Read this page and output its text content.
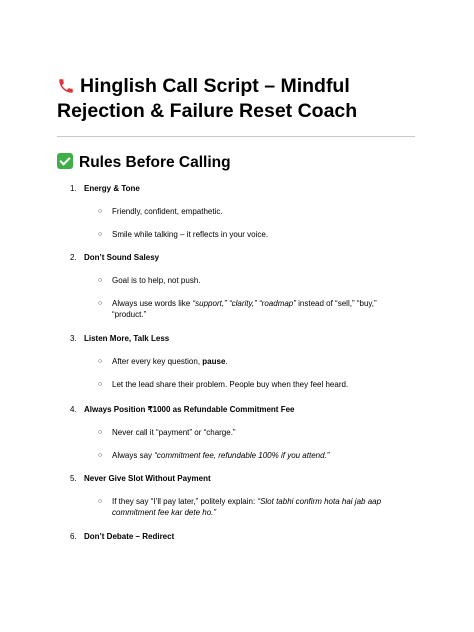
Hinglish Call Script – Mindful Rejection & Failure Reset Coach
Rules Before Calling
1. Energy & Tone
○ Friendly, confident, empathetic.
○ Smile while talking – it reflects in your voice.
2. Don’t Sound Salesy
○ Goal is to help, not push.
○ Always use words like “support,” “clarity,” “roadmap” instead of “sell,” “buy,” “product.”
3. Listen More, Talk Less
○ After every key question, pause.
○ Let the lead share their problem. People buy when they feel heard.
4. Always Position ₹1000 as Refundable Commitment Fee
○ Never call it “payment” or “charge.”
○ Always say “commitment fee, refundable 100% if you attend.”
5. Never Give Slot Without Payment
○ If they say “I’ll pay later,” politely explain: “Slot tabhi confirm hota hai jab aap commitment fee kar dete ho.”
6. Don’t Debate – Redirect
